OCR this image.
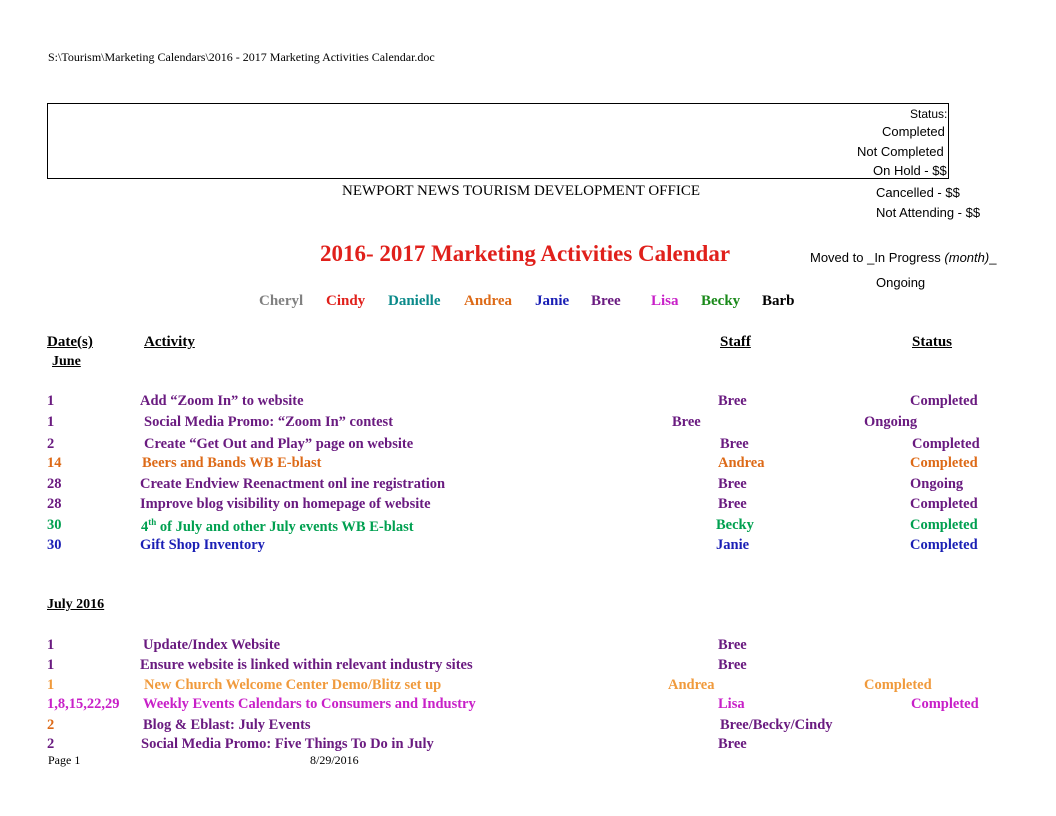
S:\Tourism\Marketing Calendars\2016 - 2017 Marketing Activities Calendar.doc
Status:
Completed
Not Completed
On Hold - $$
Cancelled - $$
Not Attending - $$
Moved to _In Progress (month)_
Ongoing
NEWPORT NEWS TOURISM DEVELOPMENT OFFICE
2016- 2017 Marketing Activities Calendar
Cheryl Cindy Danielle Andrea Janie Bree Lisa Becky Barb
Date(s)	Activity	Staff	Status
June
1	Add “Zoom In” to website	Bree	Completed
1	Social Media Promo: “Zoom In” contest	Bree	Ongoing
2	Create “Get Out and Play” page on website	Bree	Completed
14	Beers and Bands WB E-blast	Andrea	Completed
28	Create Endview Reenactment onl ine registration	Bree	Ongoing
28	Improve blog visibility on homepage of website	Bree	Completed
30	4th of July and other July events WB E-blast	Becky	Completed
30	Gift Shop Inventory	Janie	Completed
July 2016
1	Update/Index Website	Bree
1	Ensure website is linked within relevant industry sites	Bree
1	New Church Welcome Center Demo/Blitz set up	Andrea	Completed
1,8,15,22,29 Weekly Events Calendars to Consumers and Industry	Lisa	Completed
2	Blog & Eblast: July Events	Bree/Becky/Cindy
2	Social Media Promo: Five Things To Do in July	Bree
Page 1	8/29/2016
